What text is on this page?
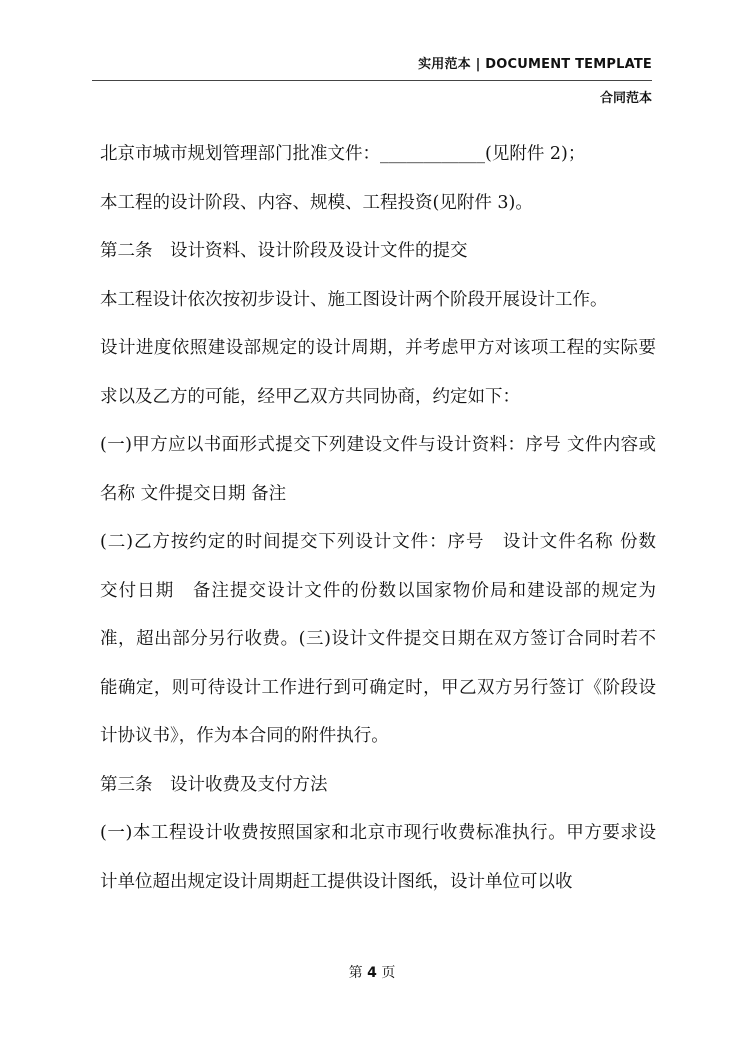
实用范本 | DOCUMENT TEMPLATE
合同范本

北京市城市规划管理部门批准文件：____________(见附件 2)；

本工程的设计阶段、内容、规模、工程投资(见附件 3)。

第二条　设计资料、设计阶段及设计文件的提交

本工程设计依次按初步设计、施工图设计两个阶段开展设计工作。

设计进度依照建设部规定的设计周期，并考虑甲方对该项工程的实际要求以及乙方的可能，经甲乙双方共同协商，约定如下：

(一)甲方应以书面形式提交下列建设文件与设计资料：序号 文件内容或名称 文件提交日期 备注

(二)乙方按约定的时间提交下列设计文件：序号　设计文件名称 份数　交付日期　备注提交设计文件的份数以国家物价局和建设部的规定为准，超出部分另行收费。(三)设计文件提交日期在双方签订合同时若不能确定，则可待设计工作进行到可确定时，甲乙双方另行签订《阶段设计协议书》，作为本合同的附件执行。

第三条　设计收费及支付方法

(一)本工程设计收费按照国家和北京市现行收费标准执行。甲方要求设计单位超出规定设计周期赶工提供设计图纸，设计单位可以收

第 4 页
